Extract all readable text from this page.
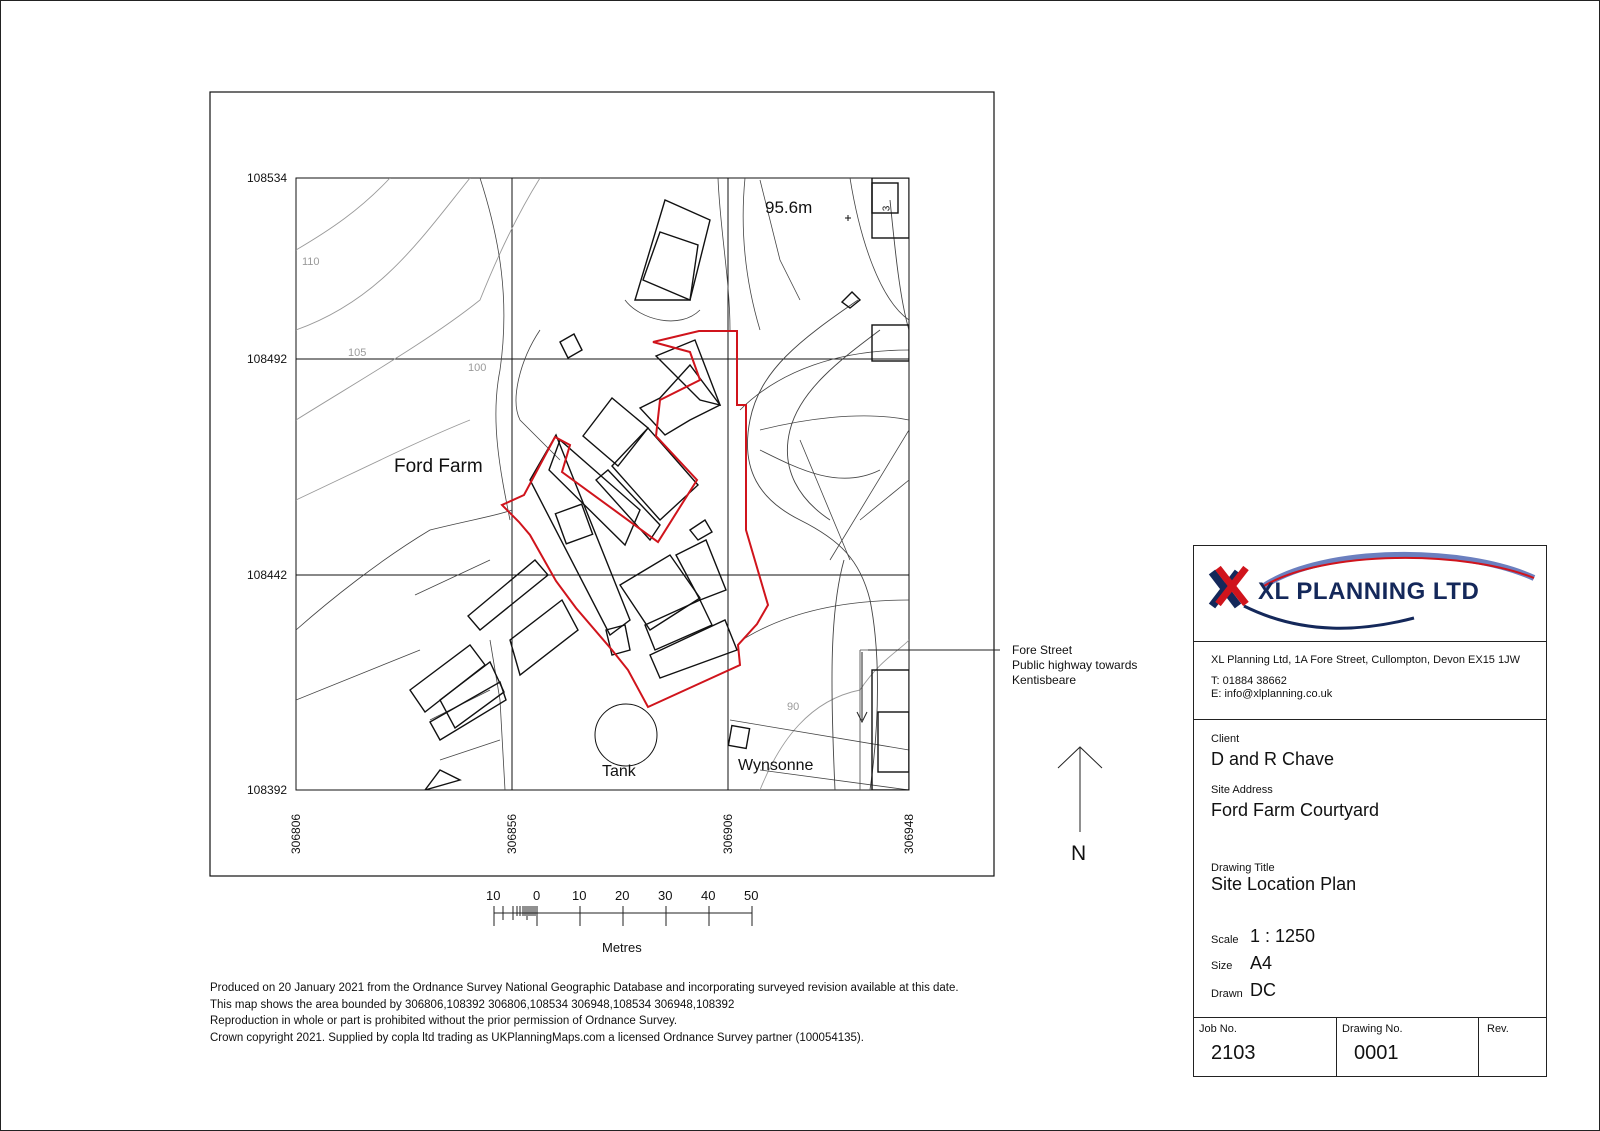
108534
108492
108442
108392
306806	306856	306906	306948
Ford Farm
Tank	Wynsonne
95.6m	3
110
105
100
90
Fore Street
Public highway towards
Kentisbeare
N
10	0 10 20 30 40 50
Metres
Produced on 20 January 2021 from the Ordnance Survey National Geographic Database and incorporating surveyed revision available at this date.
This map shows the area bounded by 306806,108392 306806,108534 306948,108534 306948,108392
Reproduction in whole or part is prohibited without the prior permission of Ordnance Survey.
Crown copyright 2021. Supplied by copla ltd trading as UKPlanningMaps.com a licensed Ordnance Survey partner (100054135).
XL PLANNING LTD
XL Planning Ltd, 1A Fore Street, Cullompton, Devon EX15 1JW
T: 01884 38662
E: info@xlplanning.co.uk
Client
D and R Chave
Site Address
Ford Farm Courtyard
Drawing Title
Site Location Plan
Scale 1 : 1250
Size A4
Drawn DC
Job No.
2103
Drawing No.
0001
Rev.
